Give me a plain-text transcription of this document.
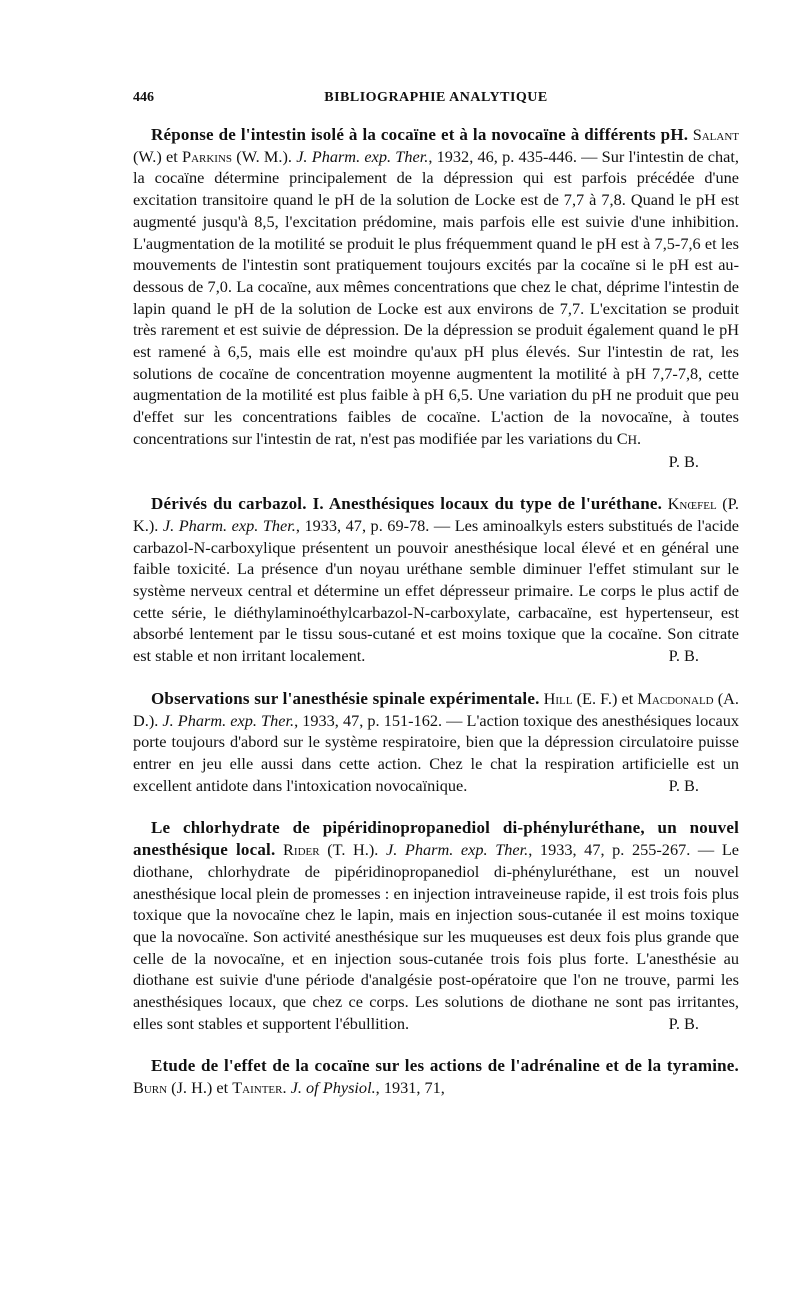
446	BIBLIOGRAPHIE ANALYTIQUE

Réponse de l'intestin isolé à la cocaïne et à la novocaïne à différents pH. Salant (W.) et Parkins (W. M.). J. Pharm. exp. Ther., 1932, 46, p. 435-446. — Sur l'intestin de chat, la cocaïne détermine principalement de la dépression qui est parfois précédée d'une excitation transitoire quand le pH de la solution de Locke est de 7,7 à 7,8. Quand le pH est augmenté jusqu'à 8,5, l'excitation prédomine, mais parfois elle est suivie d'une inhibition. L'augmentation de la motilité se produit le plus fréquemment quand le pH est à 7,5-7,6 et les mouvements de l'intestin sont pratiquement toujours excités par la cocaïne si le pH est au-dessous de 7,0. La cocaïne, aux mêmes concentrations que chez le chat, déprime l'intestin de lapin quand le pH de la solution de Locke est aux environs de 7,7. L'excitation se produit très rarement et est suivie de dépression. De la dépression se produit également quand le pH est ramené à 6,5, mais elle est moindre qu'aux pH plus élevés. Sur l'intestin de rat, les solutions de cocaïne de concentration moyenne augmentent la motilité à pH 7,7-7,8, cette augmentation de la motilité est plus faible à pH 6,5. Une variation du pH ne produit que peu d'effet sur les concentrations faibles de cocaïne. L'action de la novocaïne, à toutes concentrations sur l'intestin de rat, n'est pas modifiée par les variations du CH.

P. B.

Dérivés du carbazol. I. Anesthésiques locaux du type de l'uréthane. Knœfel (P. K.). J. Pharm. exp. Ther., 1933, 47, p. 69-78. — Les aminoalkyls esters substitués de l'acide carbazol-N-carboxylique présentent un pouvoir anesthésique local élevé et en général une faible toxicité. La présence d'un noyau uréthane semble diminuer l'effet stimulant sur le système nerveux central et détermine un effet dépresseur primaire. Le corps le plus actif de cette série, le diéthylaminoéthylcarbazol-N-carboxylate, carbacaïne, est hypertenseur, est absorbé lentement par le tissu sous-cutané et est moins toxique que la cocaïne. Son citrate est stable et non irritant localement.	P. B.

Observations sur l'anesthésie spinale expérimentale. Hill (E. F.) et Macdonald (A. D.). J. Pharm. exp. Ther., 1933, 47, p. 151-162. — L'action toxique des anesthésiques locaux porte toujours d'abord sur le système respiratoire, bien que la dépression circulatoire puisse entrer en jeu elle aussi dans cette action. Chez le chat la respiration artificielle est un excellent antidote dans l'intoxication novocaïnique.	P. B.

Le chlorhydrate de pipéridinopropanediol di-phényluréthane, un nouvel anesthésique local. Rider (T. H.). J. Pharm. exp. Ther., 1933, 47, p. 255-267. — Le diothane, chlorhydrate de pipéridinopropanediol di-phényluréthane, est un nouvel anesthésique local plein de promesses : en injection intraveineuse rapide, il est trois fois plus toxique que la novocaïne chez le lapin, mais en injection sous-cutanée il est moins toxique que la novocaïne. Son activité anesthésique sur les muqueuses est deux fois plus grande que celle de la novocaïne, et en injection sous-cutanée trois fois plus forte. L'anesthésie au diothane est suivie d'une période d'analgésie post-opératoire que l'on ne trouve, parmi les anesthésiques locaux, que chez ce corps. Les solutions de diothane ne sont pas irritantes, elles sont stables et supportent l'ébullition.	P. B.

Etude de l'effet de la cocaïne sur les actions de l'adrénaline et de la tyramine. Burn (J. H.) et Tainter. J. of Physiol., 1931, 71,
